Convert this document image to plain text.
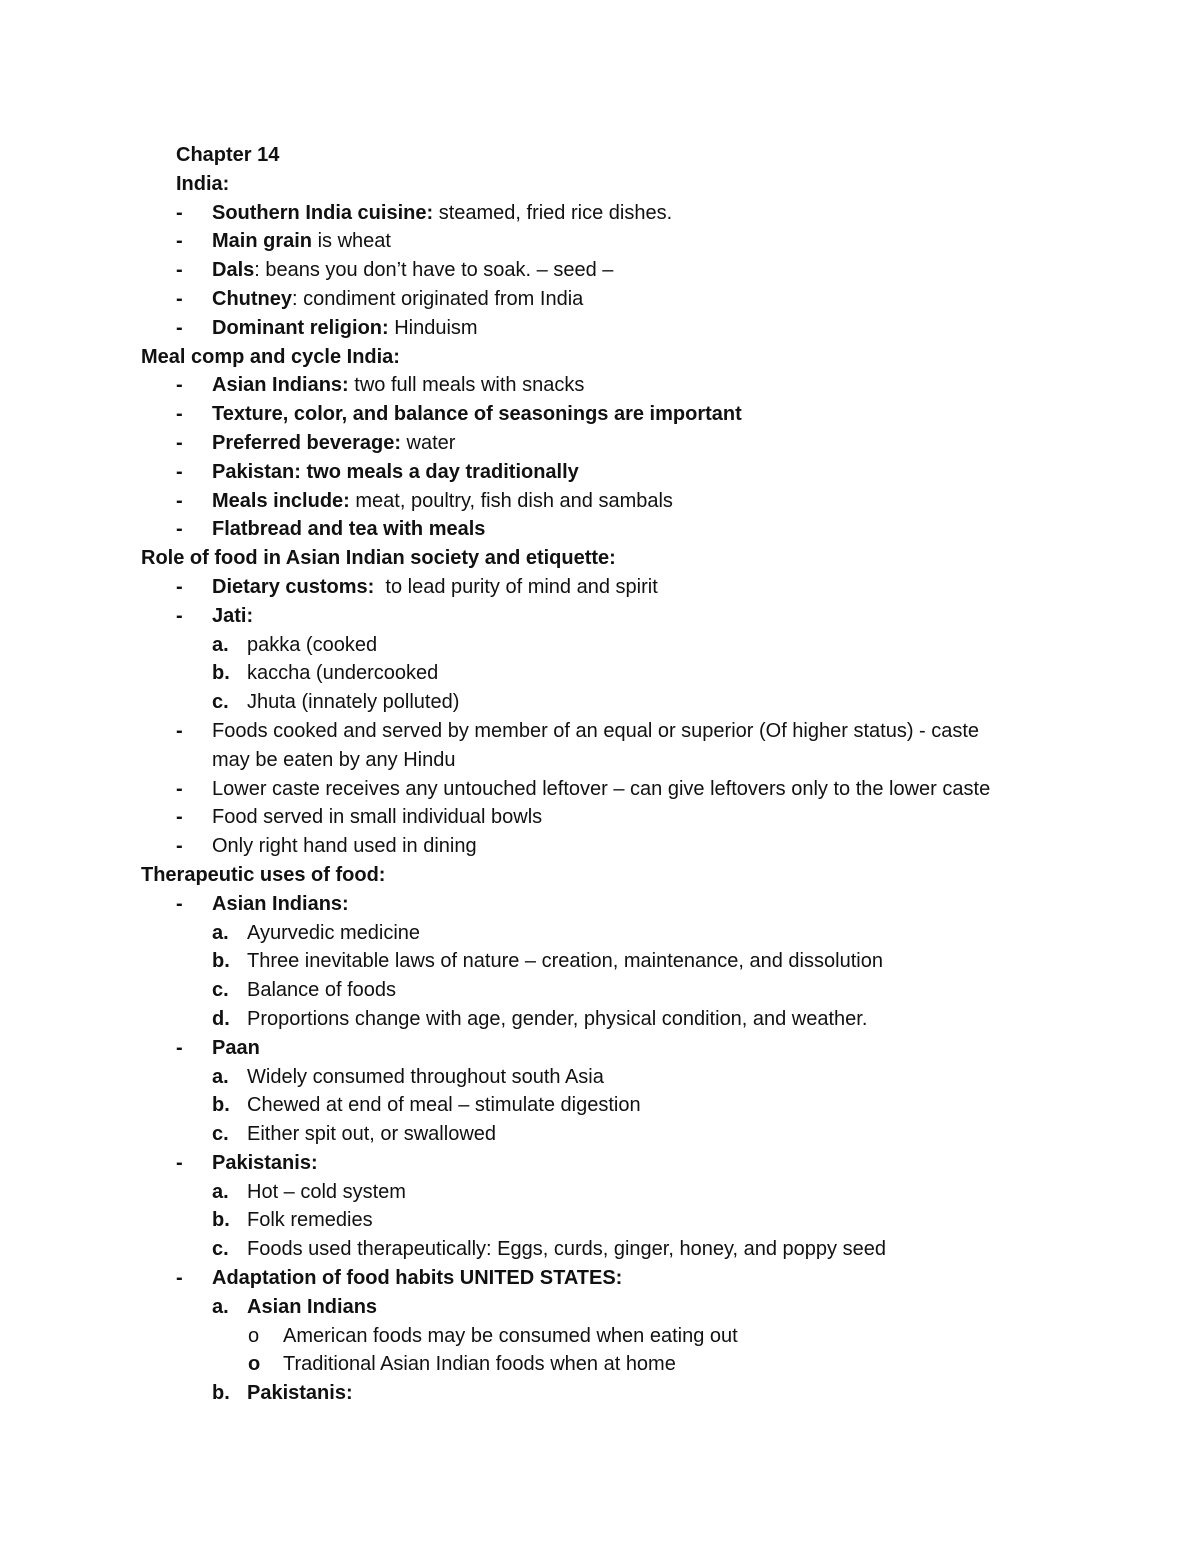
Chapter 14
India:
- Southern India cuisine: steamed, fried rice dishes.
- Main grain is wheat
- Dals: beans you don’t have to soak. – seed –
- Chutney: condiment originated from India
- Dominant religion: Hinduism
Meal comp and cycle India:
- Asian Indians: two full meals with snacks
- Texture, color, and balance of seasonings are important
- Preferred beverage: water
- Pakistan: two meals a day traditionally
- Meals include: meat, poultry, fish dish and sambals
- Flatbread and tea with meals
Role of food in Asian Indian society and etiquette:
- Dietary customs:  to lead purity of mind and spirit
- Jati:
a. pakka (cooked
b. kaccha (undercooked
c. Jhuta (innately polluted)
- Foods cooked and served by member of an equal or superior (Of higher status) - caste
may be eaten by any Hindu
- Lower caste receives any untouched leftover – can give leftovers only to the lower caste
- Food served in small individual bowls
- Only right hand used in dining
Therapeutic uses of food:
- Asian Indians:
a. Ayurvedic medicine
b. Three inevitable laws of nature – creation, maintenance, and dissolution
c. Balance of foods
d. Proportions change with age, gender, physical condition, and weather.
- Paan
a. Widely consumed throughout south Asia
b. Chewed at end of meal – stimulate digestion
c. Either spit out, or swallowed
- Pakistanis:
a. Hot – cold system
b. Folk remedies
c. Foods used therapeutically: Eggs, curds, ginger, honey, and poppy seed
- Adaptation of food habits UNITED STATES:
a. Asian Indians
o American foods may be consumed when eating out
o Traditional Asian Indian foods when at home
b. Pakistanis:
